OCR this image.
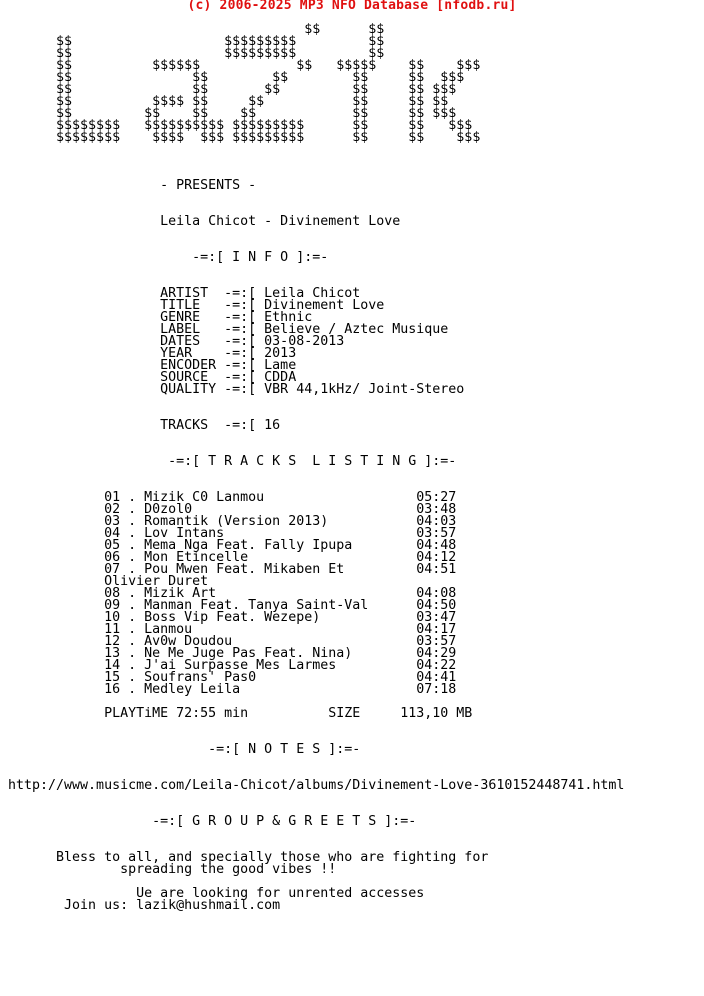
(c) 2006-2025 MP3 NFO Database [nfodb.ru]
$$      $$
$$                   $$$$$$$$$         $$
$$                   $$$$$$$$$         $$
$$          $$$$$$            $$   $$$$$    $$    $$$
$$               $$        $$        $$     $$  $$$
$$               $$       $$         $$     $$ $$$
$$          $$$$ $$     $$           $$     $$ $$
$$         $$    $$    $$            $$     $$ $$$
$$$$$$$$   $$$$$$$$$$ $$$$$$$$$      $$     $$   $$$
$$$$$$$$    $$$$  $$$ $$$$$$$$$      $$     $$    $$$

- PRESENTS -

Leila Chicot - Divinement Love

-=:[ I N F O ]:=-

ARTIST  -=:[ Leila Chicot
TITLE   -=:[ Divinement Love
GENRE   -=:[ Ethnic
LABEL   -=:[ Believe / Aztec Musique
DATES   -=:[ 03-08-2013
YEAR    -=:[ 2013
ENCODER -=:[ Lame
SOURCE  -=:[ CDDA
QUALITY -=:[ VBR 44,1kHz/ Joint-Stereo

TRACKS  -=:[ 16

-=:[ T R A C K S  L I S T I N G ]:=-

01 . Mizik C0 Lanmou                   05:27
02 . D0zol0                            03:48
03 . Romantik (Version 2013)           04:03
04 . Lov Intans                        03:57
05 . Mema Nga Feat. Fally Ipupa        04:48
06 . Mon Etincelle                     04:12
07 . Pou Mwen Feat. Mikaben Et         04:51
Olivier Duret
08 . Mizik Art                         04:08
09 . Manman Feat. Tanya Saint-Val      04:50
10 . Boss Vip Feat. Wezepe)            03:47
11 . Lanmou                            04:17
12 . Av0w Doudou                       03:57
13 . Ne Me Juge Pas Feat. Nina)        04:29
14 . J'ai Surpasse Mes Larmes          04:22
15 . Soufrans' Pas0                    04:41
16 . Medley Leila                      07:18

PLAYTiME 72:55 min          SIZE     113,10 MB

-=:[ N O T E S ]:=-

http://www.musicme.com/Leila-Chicot/albums/Divinement-Love-3610152448741.html

-=:[ G R O U P & G R E E T S ]:=-

Bless to all, and specially those who are fighting for
spreading the good vibes !!

Ue are looking for unrented accesses
Join us: lazik@hushmail.com
